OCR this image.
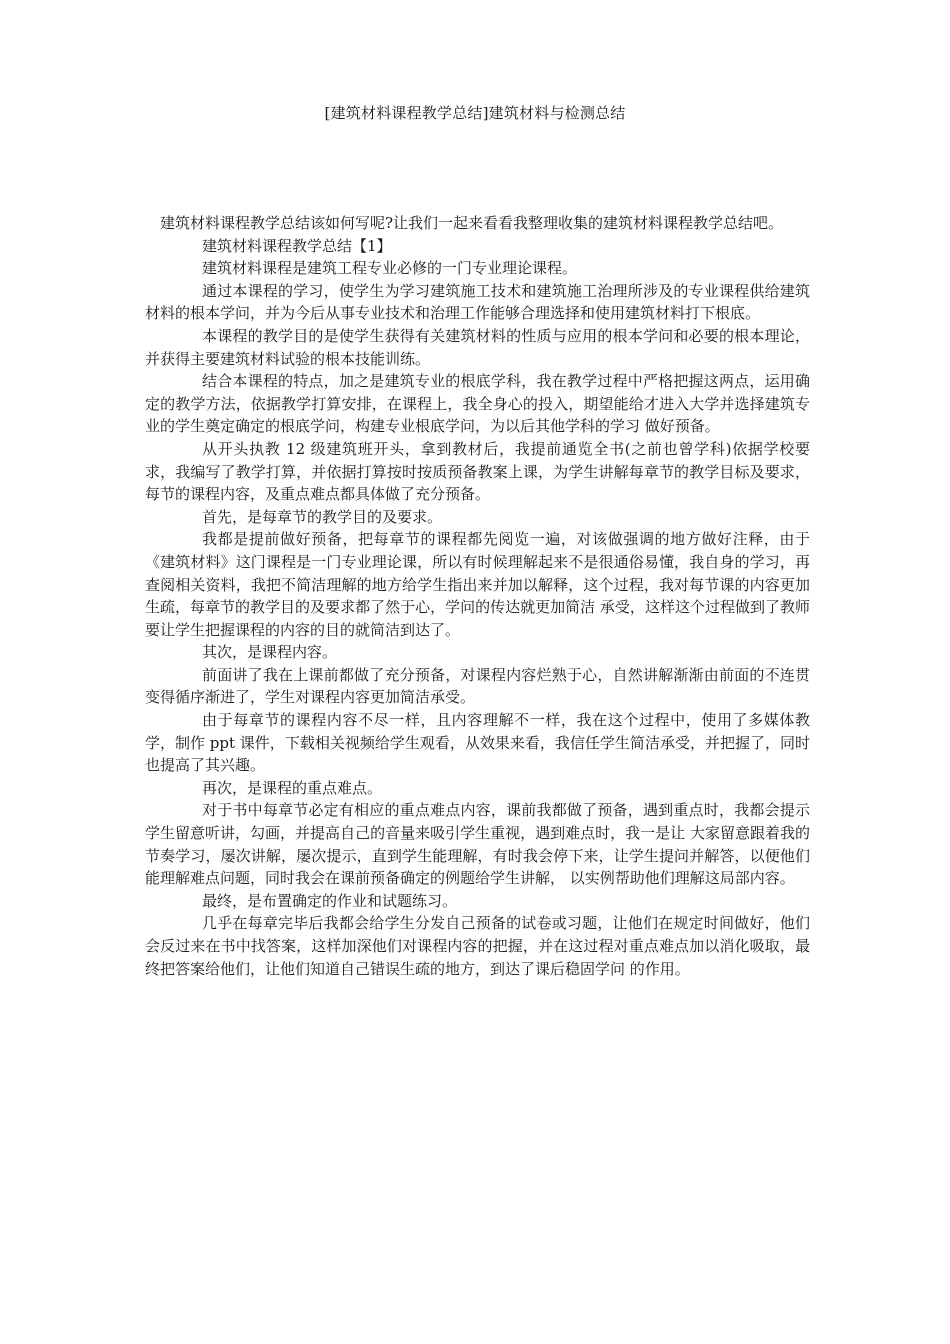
[建筑材料课程教学总结]建筑材料与检测总结

建筑材料课程教学总结该如何写呢?让我们一起来看看我整理收集的建筑材料课程教学总结吧。

建筑材料课程教学总结【1】

建筑材料课程是建筑工程专业必修的一门专业理论课程。

通过本课程的学习，使学生为学习建筑施工技术和建筑施工治理所涉及的专业课程供给建筑材料的根本学问，并为今后从事专业技术和治理工作能够合理选择和使用建筑材料打下根底。

本课程的教学目的是使学生获得有关建筑材料的性质与应用的根本学问和必要的根本理论，并获得主要建筑材料试验的根本技能训练。

结合本课程的特点，加之是建筑专业的根底学科，我在教学过程中严格把握这两点，运用确定的教学方法，依据教学打算安排，在课程上，我全身心的投入，期望能给才进入大学并选择建筑专业的学生奠定确定的根底学问，构建专业根底学问，为以后其他学科的学习 做好预备。

从开头执教 12 级建筑班开头，拿到教材后，我提前通览全书(之前也曾学科)依据学校要求，我编写了教学打算，并依据打算按时按质预备教案上课，为学生讲解每章节的教学目标及要求，每节的课程内容，及重点难点都具体做了充分预备。

首先，是每章节的教学目的及要求。

我都是提前做好预备，把每章节的课程都先阅览一遍，对该做强调的地方做好注释，由于《建筑材料》这门课程是一门专业理论课，所以有时候理解起来不是很通俗易懂，我自身的学习，再查阅相关资料，我把不简洁理解的地方给学生指出来并加以解释，这个过程，我对每节课的内容更加生疏，每章节的教学目的及要求都了然于心，学问的传达就更加简洁 承受，这样这个过程做到了教师要让学生把握课程的内容的目的就简洁到达了。

其次，是课程内容。

前面讲了我在上课前都做了充分预备，对课程内容烂熟于心，自然讲解渐渐由前面的不连贯变得循序渐进了，学生对课程内容更加简洁承受。

由于每章节的课程内容不尽一样，且内容理解不一样，我在这个过程中，使用了多媒体教学，制作 ppt 课件，下载相关视频给学生观看，从效果来看，我信任学生简洁承受，并把握了，同时也提高了其兴趣。

再次，是课程的重点难点。

对于书中每章节必定有相应的重点难点内容，课前我都做了预备，遇到重点时，我都会提示学生留意听讲，勾画，并提高自己的音量来吸引学生重视，遇到难点时，我一是让 大家留意跟着我的节奏学习，屡次讲解，屡次提示，直到学生能理解，有时我会停下来，让学生提问并解答，以便他们能理解难点问题，同时我会在课前预备确定的例题给学生讲解， 以实例帮助他们理解这局部内容。

最终，是布置确定的作业和试题练习。

几乎在每章完毕后我都会给学生分发自己预备的试卷或习题，让他们在规定时间做好，他们会反过来在书中找答案，这样加深他们对课程内容的把握，并在这过程对重点难点加以消化吸取，最终把答案给他们，让他们知道自己错误生疏的地方，到达了课后稳固学问 的作用。
